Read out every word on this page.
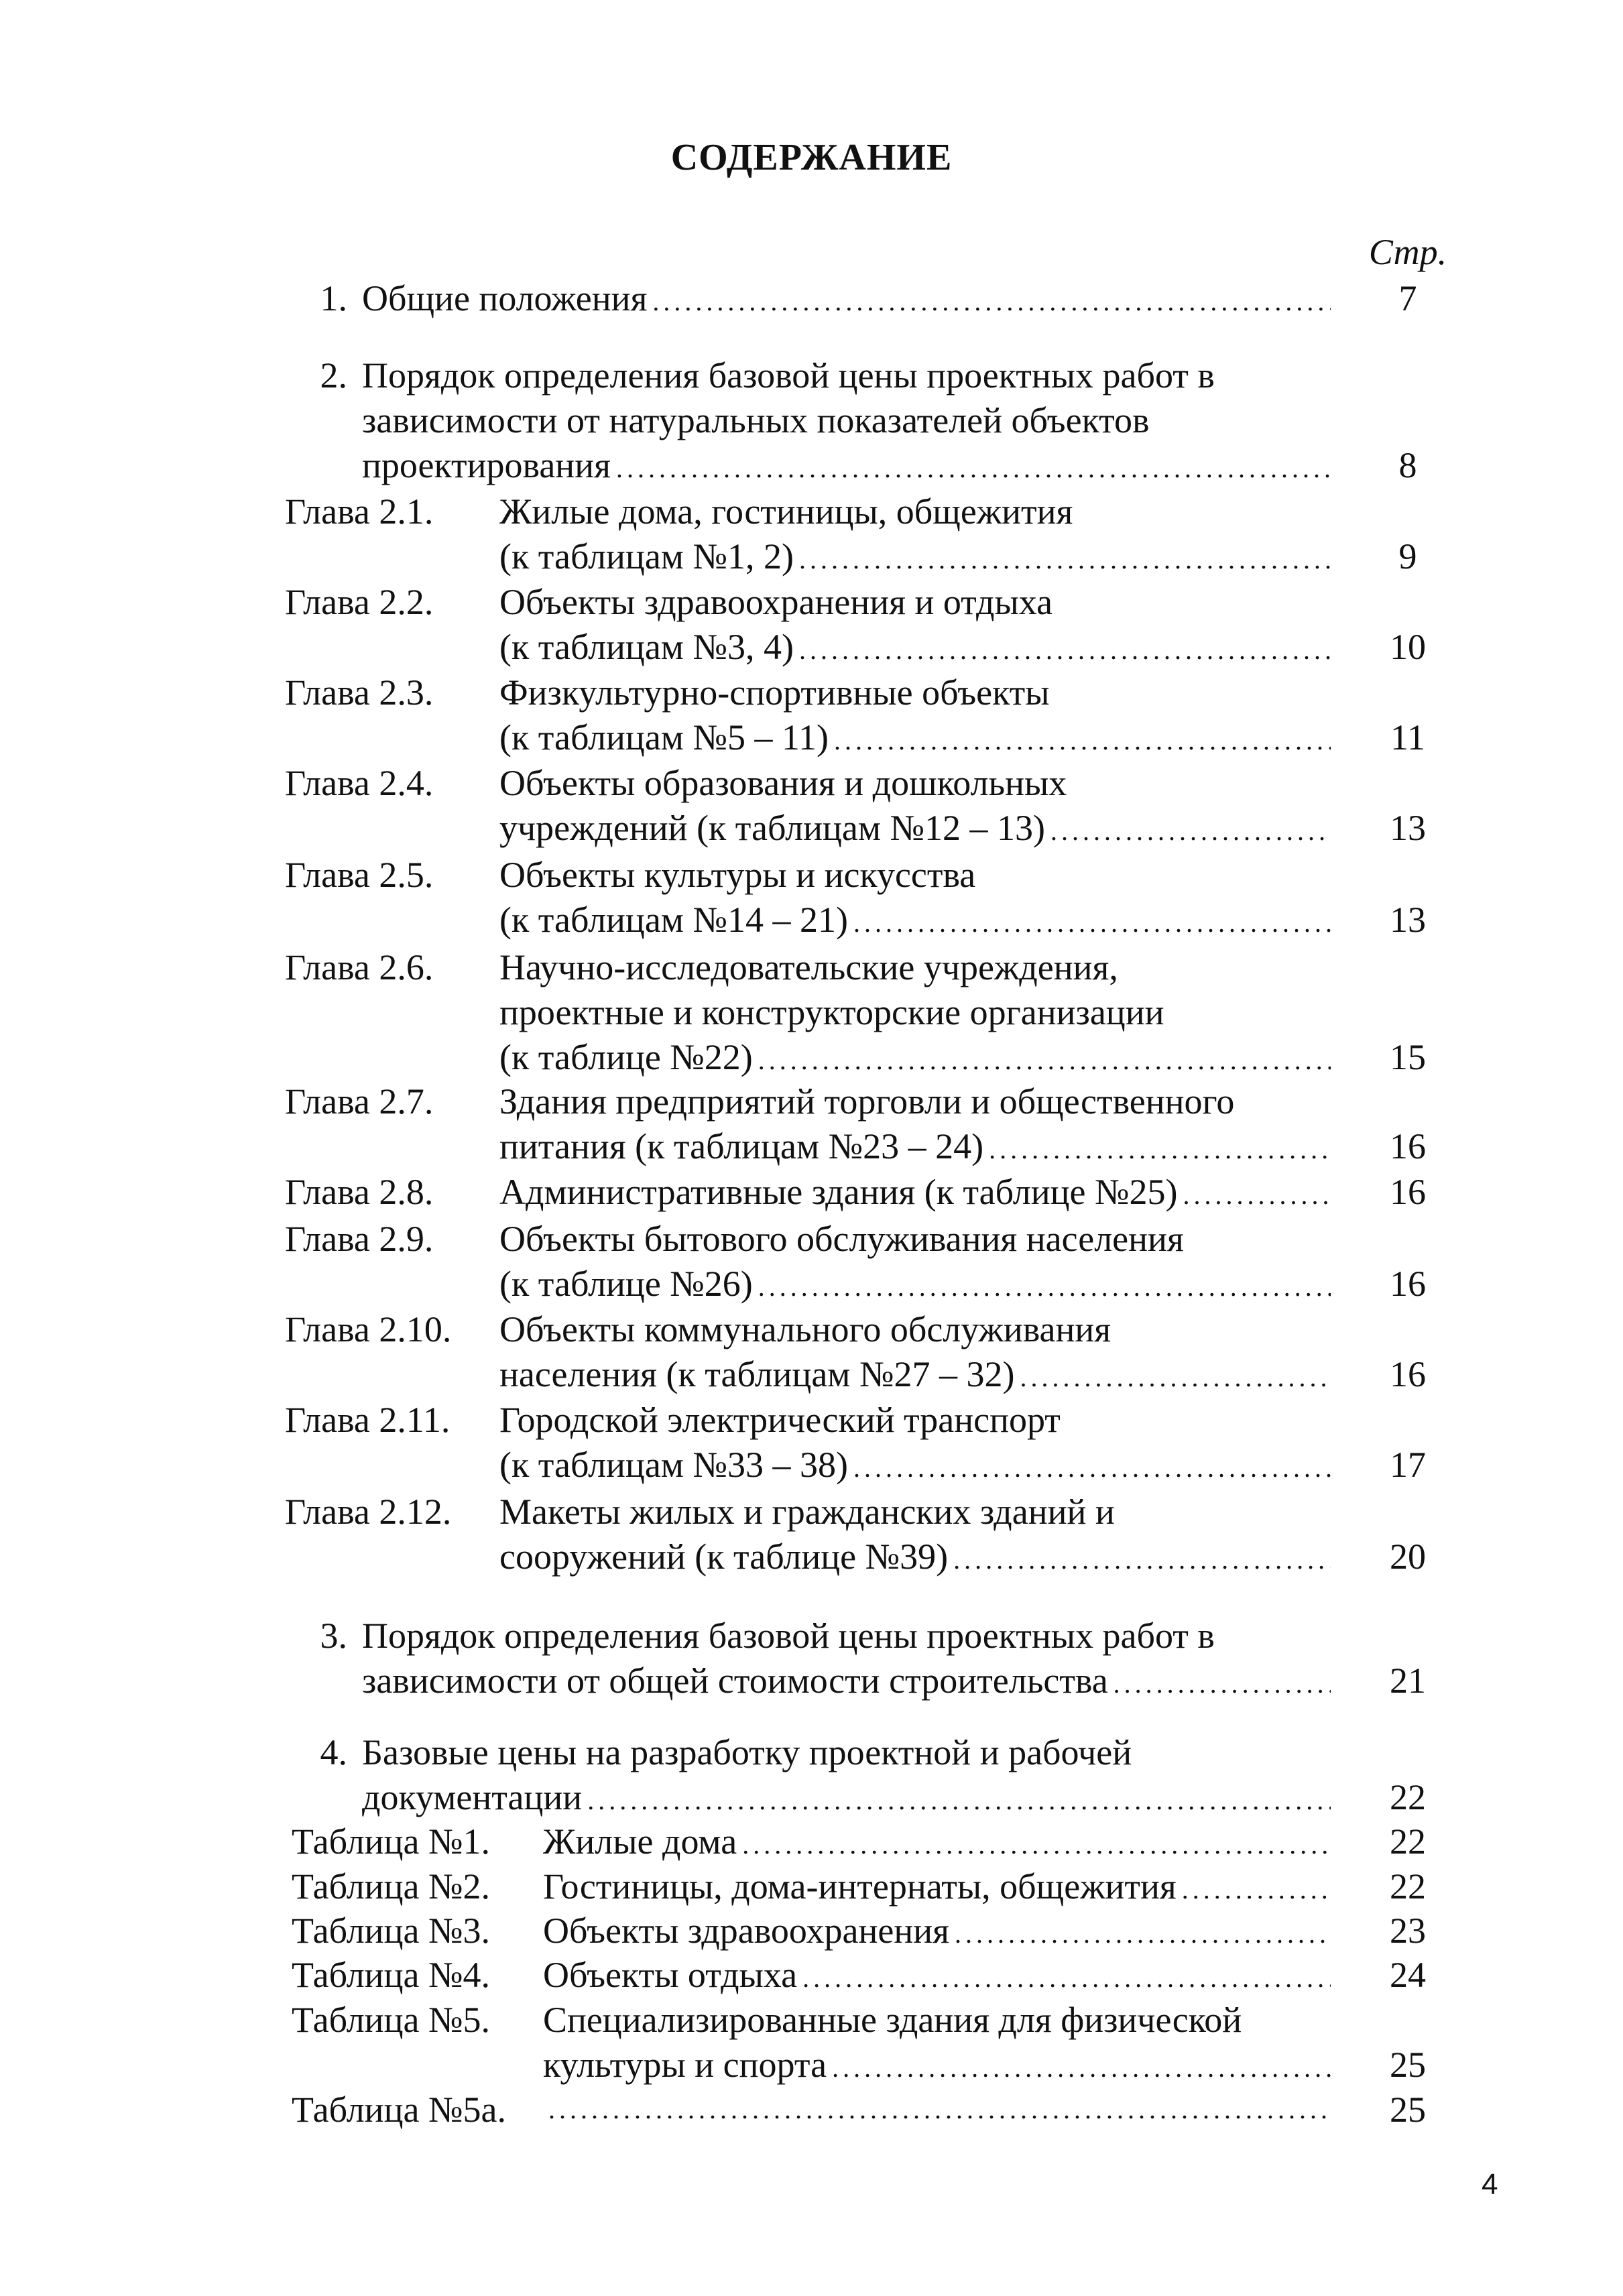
СОДЕРЖАНИЕ
Стр.
1. Общие положения .....	7
2. Порядок определения базовой цены проектных работ в
зависимости от натуральных показателей объектов
проектирования .....	8
Глава 2.1. Жилые дома, гостиницы, общежития
(к таблицам №1, 2) .....	9
Глава 2.2. Объекты здравоохранения и отдыха
(к таблицам №3, 4) .....	10
Глава 2.3. Физкультурно-спортивные объекты
(к таблицам №5 – 11) .....	11
Глава 2.4. Объекты образования и дошкольных
учреждений (к таблицам №12 – 13) .....	13
Глава 2.5. Объекты культуры и искусства
(к таблицам №14 – 21) .....	13
Глава 2.6. Научно-исследовательские учреждения,
проектные и конструкторские организации
(к таблице №22) .....	15
Глава 2.7. Здания предприятий торговли и общественного
питания (к таблицам №23 – 24) .....	16
Глава 2.8. Административные здания (к таблице №25) .....	16
Глава 2.9. Объекты бытового обслуживания населения
(к таблице №26) .....	16
Глава 2.10. Объекты коммунального обслуживания
населения (к таблицам №27 – 32) .....	16
Глава 2.11. Городской электрический транспорт
(к таблицам №33 – 38) .....	17
Глава 2.12. Макеты жилых и гражданских зданий и
сооружений (к таблице №39) .....	20
3. Порядок определения базовой цены проектных работ в
зависимости от общей стоимости строительства .....	21
4. Базовые цены на разработку проектной и рабочей
документации .....	22
Таблица №1. Жилые дома .....	22
Таблица №2. Гостиницы, дома-интернаты, общежития .....	22
Таблица №3. Объекты здравоохранения .....	23
Таблица №4. Объекты отдыха .....	24
Таблица №5. Специализированные здания для физической
культуры и спорта .....	25
Таблица №5а. .....	25
4
